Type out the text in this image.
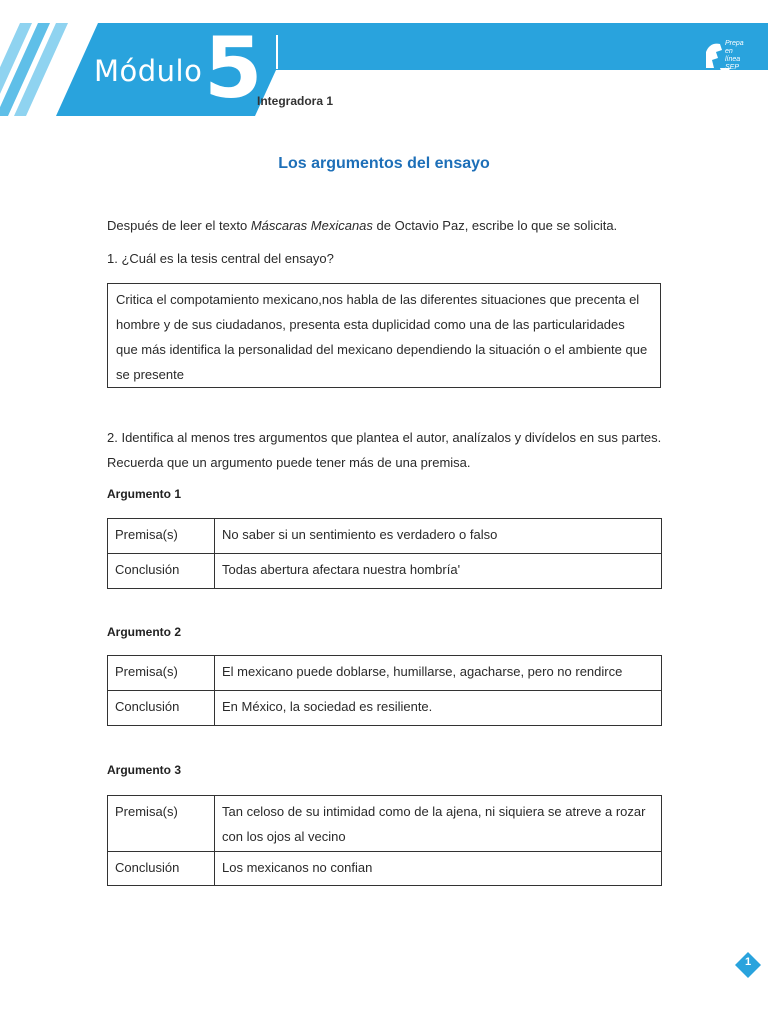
Módulo 5
Integradora 1
Prepa en línea SEP
Los argumentos del ensayo
Después de leer el texto Máscaras Mexicanas de Octavio Paz, escribe lo que se solicita.
1. ¿Cuál es la tesis central del ensayo?
Critica el compotamiento mexicano,nos habla de las diferentes situaciones que precenta el hombre y de sus ciudadanos, presenta esta duplicidad como una de las particularidades que más identifica la personalidad del mexicano dependiendo la situación o el ambiente que se presente
2. Identifica al menos tres argumentos que plantea el autor, analízalos y divídelos en sus partes. Recuerda que un argumento puede tener más de una premisa.
Argumento 1
Premisa(s)	No saber si un sentimiento es verdadero o falso
Conclusión	Todas abertura afectara nuestra hombría'
Argumento 2
Premisa(s)	El mexicano puede doblarse, humillarse, agacharse, pero no rendirce
Conclusión	En México, la sociedad es resiliente.
Argumento 3
Premisa(s)	Tan celoso de su intimidad como de la ajena, ni siquiera se atreve a rozar con los ojos al vecino
Conclusión	Los mexicanos no confian
1
